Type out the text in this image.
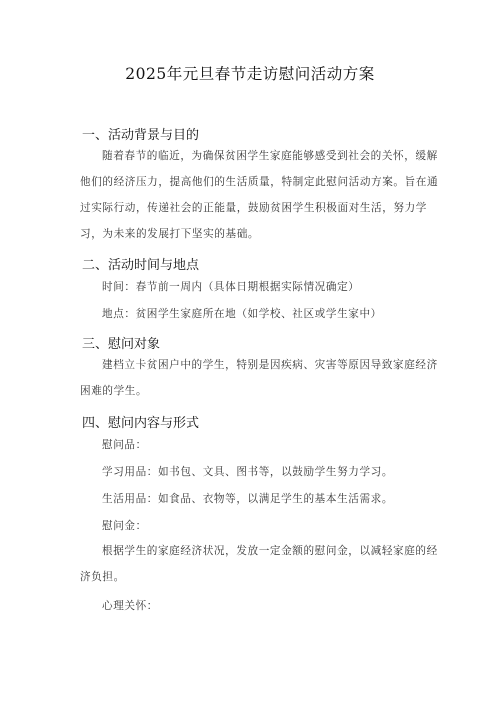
2025年元旦春节走访慰问活动方案
一、活动背景与目的
随着春节的临近，为确保贫困学生家庭能够感受到社会的关怀，缓解他们的经济压力，提高他们的生活质量，特制定此慰问活动方案。旨在通过实际行动，传递社会的正能量，鼓励贫困学生积极面对生活，努力学习，为未来的发展打下坚实的基础。
二、活动时间与地点
时间：春节前一周内（具体日期根据实际情况确定）
地点：贫困学生家庭所在地（如学校、社区或学生家中）
三、慰问对象
建档立卡贫困户中的学生，特别是因疾病、灾害等原因导致家庭经济困难的学生。
四、慰问内容与形式
慰问品：
学习用品：如书包、文具、图书等，以鼓励学生努力学习。
生活用品：如食品、衣物等，以满足学生的基本生活需求。
慰问金：
根据学生的家庭经济状况，发放一定金额的慰问金，以减轻家庭的经济负担。
心理关怀：
